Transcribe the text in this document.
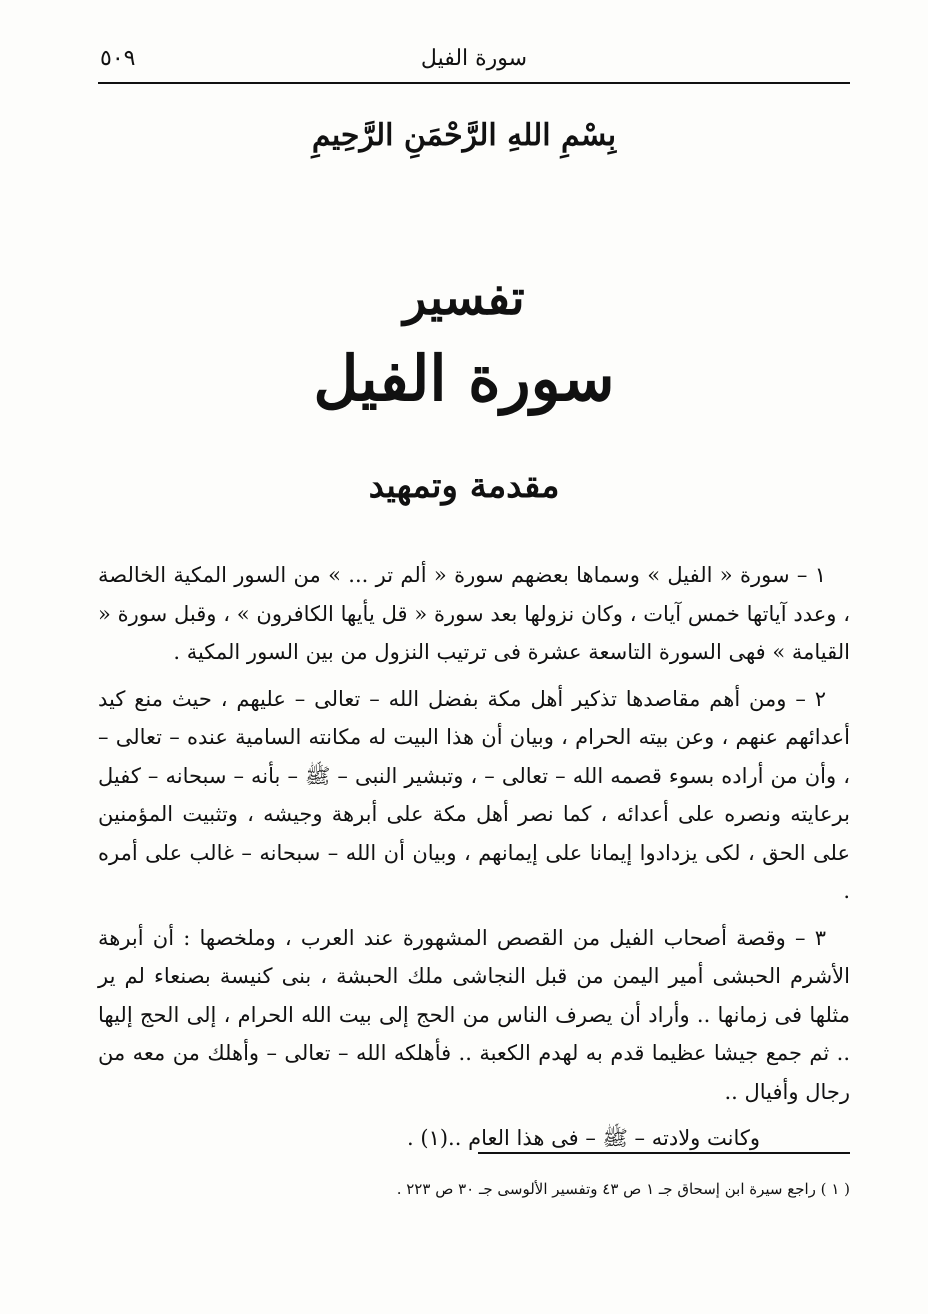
سورة الفيل
٥٠٩
بِسْمِ اللهِ الرَّحْمَنِ الرَّحِيمِ
تفسير
سورة الفيل
مقدمة وتمهيد

١ – سورة « الفيل » وسماها بعضهم سورة « ألم تر ... » من السور المكية الخالصة ، وعدد آياتها خمس آيات ، وكان نزولها بعد سورة « قل يأيها الكافرون » ، وقبل سورة « القيامة » فهى السورة التاسعة عشرة فى ترتيب النزول من بين السور المكية .

٢ – ومن أهم مقاصدها تذكير أهل مكة بفضل الله – تعالى – عليهم ، حيث منع كيد أعدائهم عنهم ، وعن بيته الحرام ، وبيان أن هذا البيت له مكانته السامية عنده – تعالى – ، وأن من أراده بسوء قصمه الله – تعالى – ، وتبشير النبى – ﷺ – بأنه – سبحانه – كفيل برعايته ونصره على أعدائه ، كما نصر أهل مكة على أبرهة وجيشه ، وتثبيت المؤمنين على الحق ، لكى يزدادوا إيمانا على إيمانهم ، وبيان أن الله – سبحانه – غالب على أمره .

٣ – وقصة أصحاب الفيل من القصص المشهورة عند العرب ، وملخصها : أن أبرهة الأشرم الحبشى أمير اليمن من قبل النجاشى ملك الحبشة ، بنى كنيسة بصنعاء لم ير مثلها فى زمانها .. وأراد أن يصرف الناس من الحج إلى بيت الله الحرام ، إلى الحج إليها .. ثم جمع جيشا عظيما قدم به لهدم الكعبة .. فأهلكه الله – تعالى – وأهلك من معه من رجال وأفيال ..

وكانت ولادته – ﷺ – فى هذا العام ..(١) .

( ١ ) راجع سيرة ابن إسحاق جـ ١ ص ٤٣ وتفسير الألوسى جـ ٣٠ ص ٢٢٣ .
